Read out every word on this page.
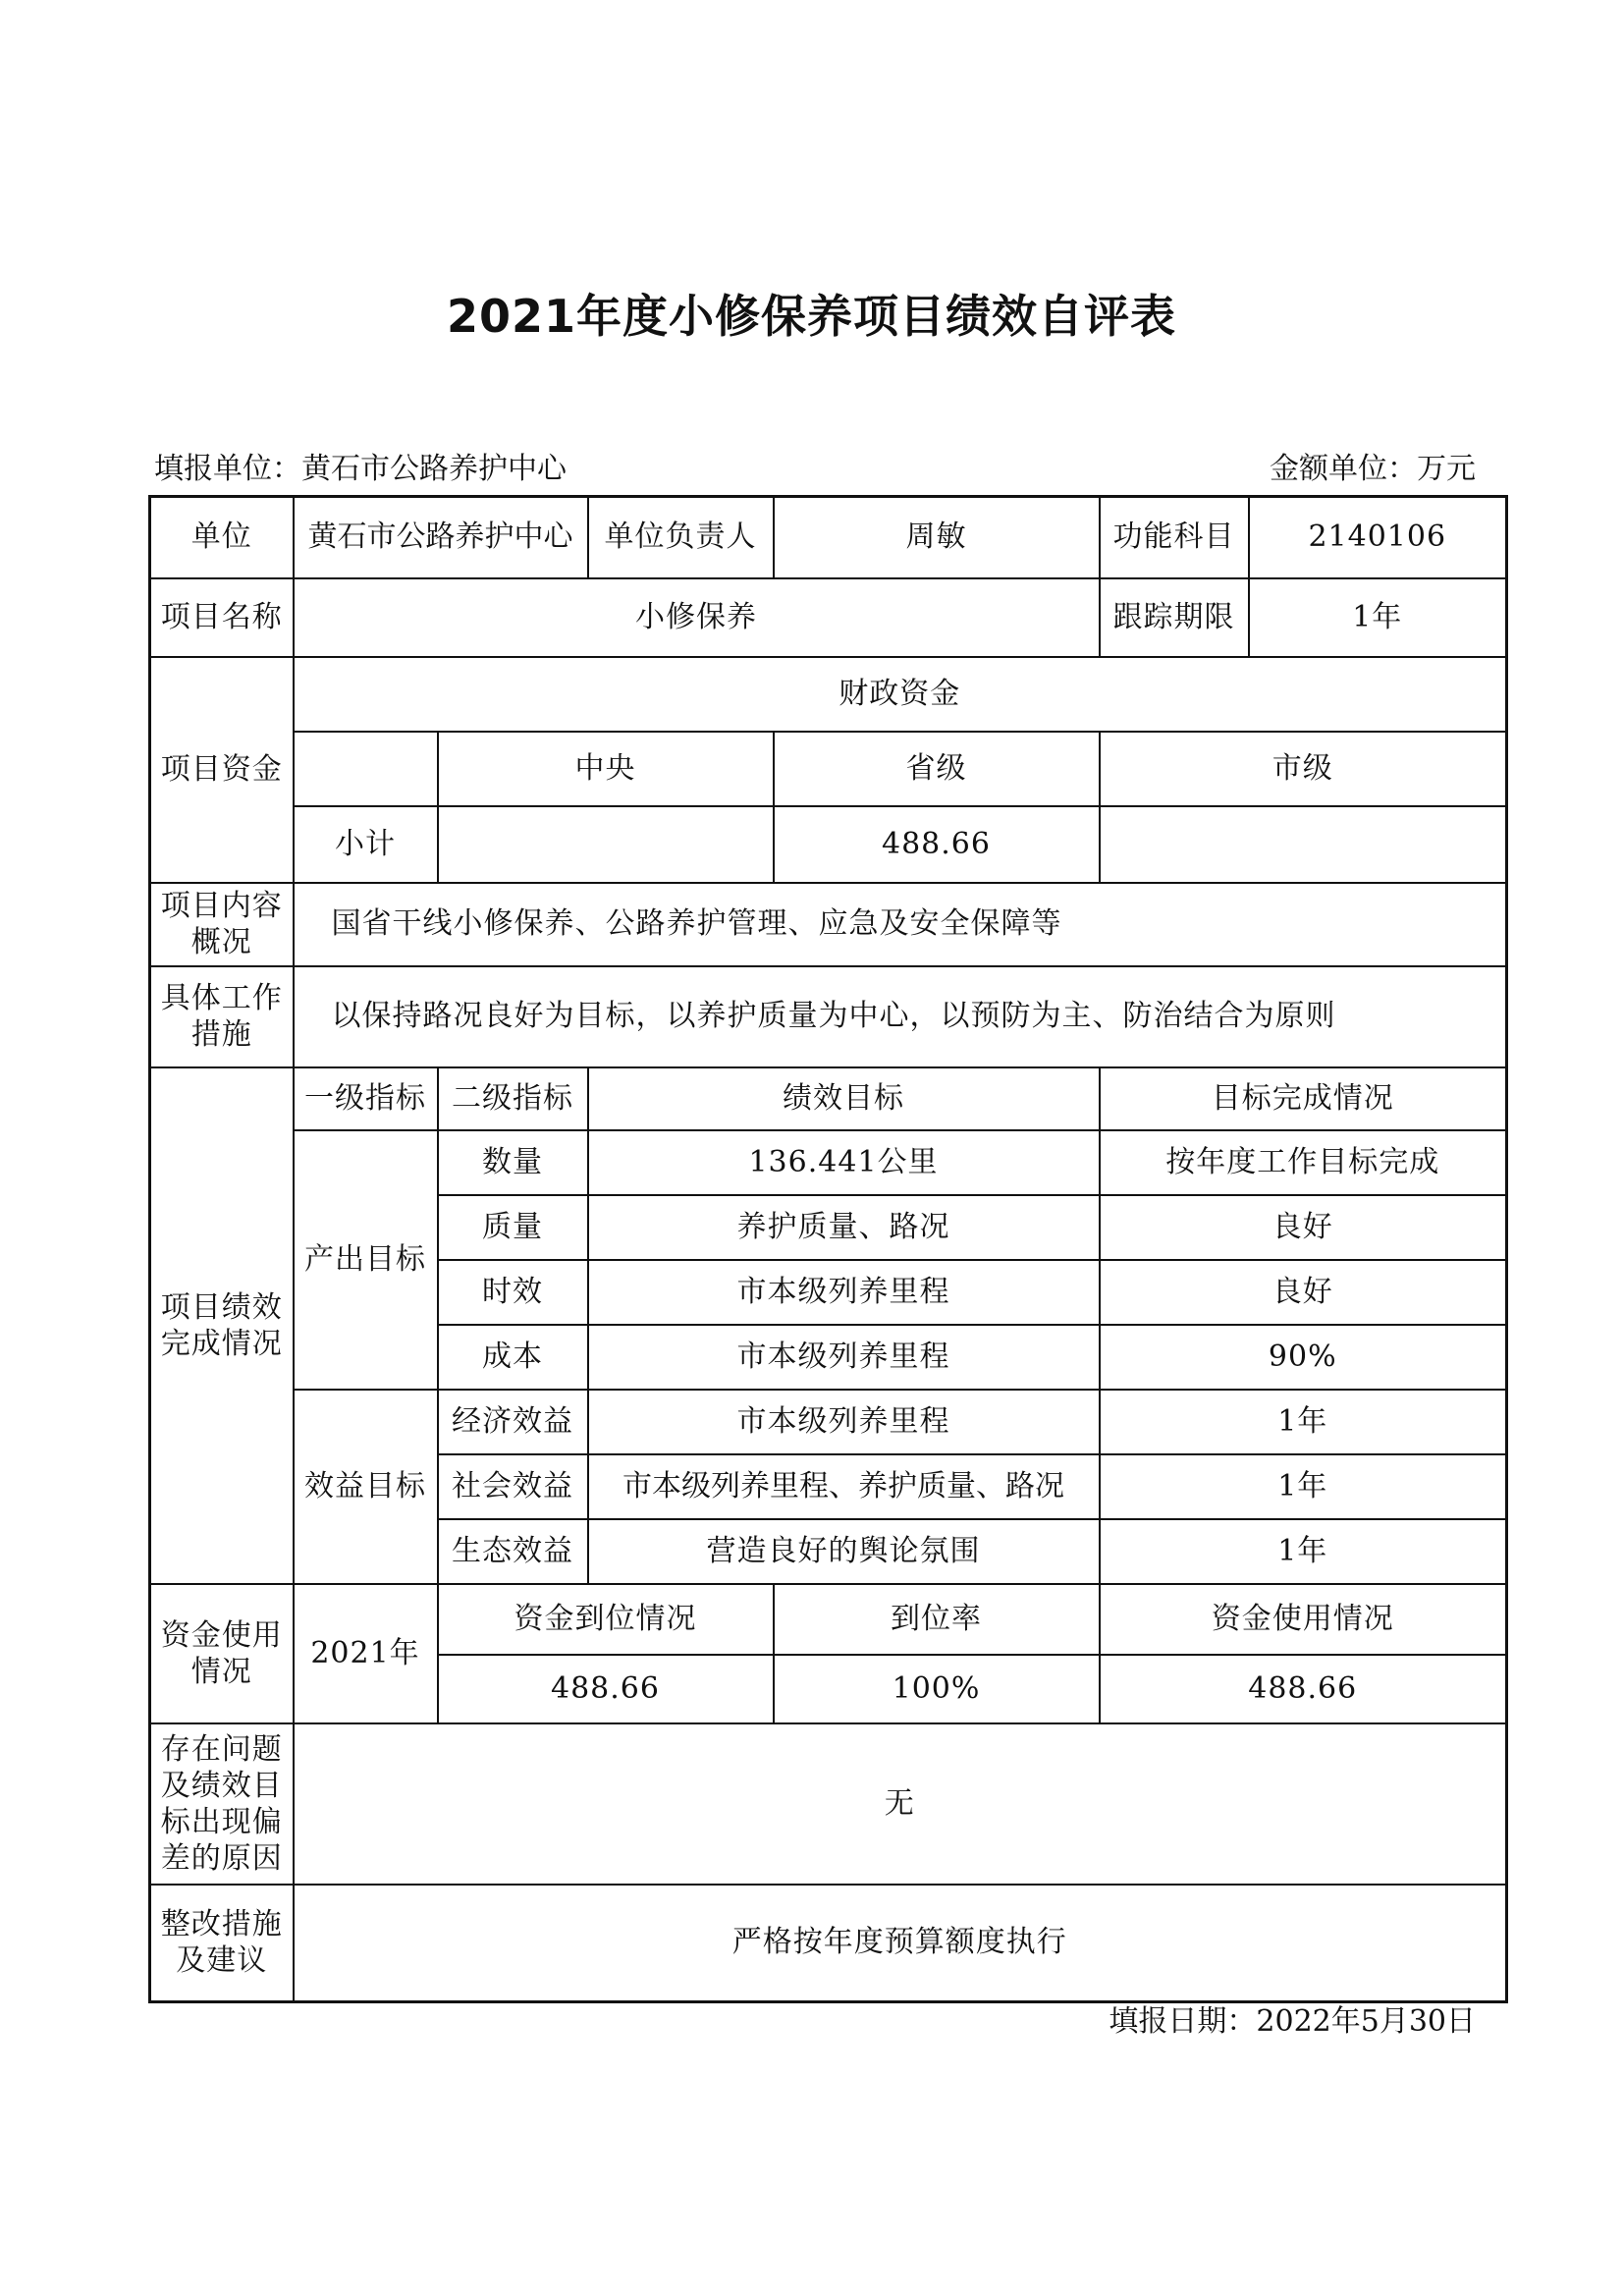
2021年度小修保养项目绩效自评表
填报单位：黄石市公路养护中心	金额单位：万元
单位	黄石市公路养护中心		单位负责人	周敏	功能科目	2140106
项目名称	小修保养				跟踪期限	1年
项目资金	财政资金					
		中央		省级	市级	
	小计			488.66		
项目内容概况	国省干线小修保养、公路养护管理、应急及安全保障等					
具体工作措施	以保持路况良好为目标，以养护质量为中心，以预防为主、防治结合为原则					
项目绩效完成情况	一级指标	二级指标	绩效目标		目标完成情况	
	产出目标	数量	136.441公里		按年度工作目标完成	
		质量	养护质量、路况		良好	
		时效	市本级列养里程		良好	
		成本	市本级列养里程		90%	
	效益目标	经济效益	市本级列养里程		1年	
		社会效益	市本级列养里程、养护质量、路况		1年	
		生态效益	营造良好的舆论氛围		1年	
资金使用情况	2021年	资金到位情况		到位率	资金使用情况	
		488.66		100%	488.66	
存在问题及绩效目标出现偏差的原因	无					
整改措施及建议	严格按年度预算额度执行					
填报日期：2022年5月30日
